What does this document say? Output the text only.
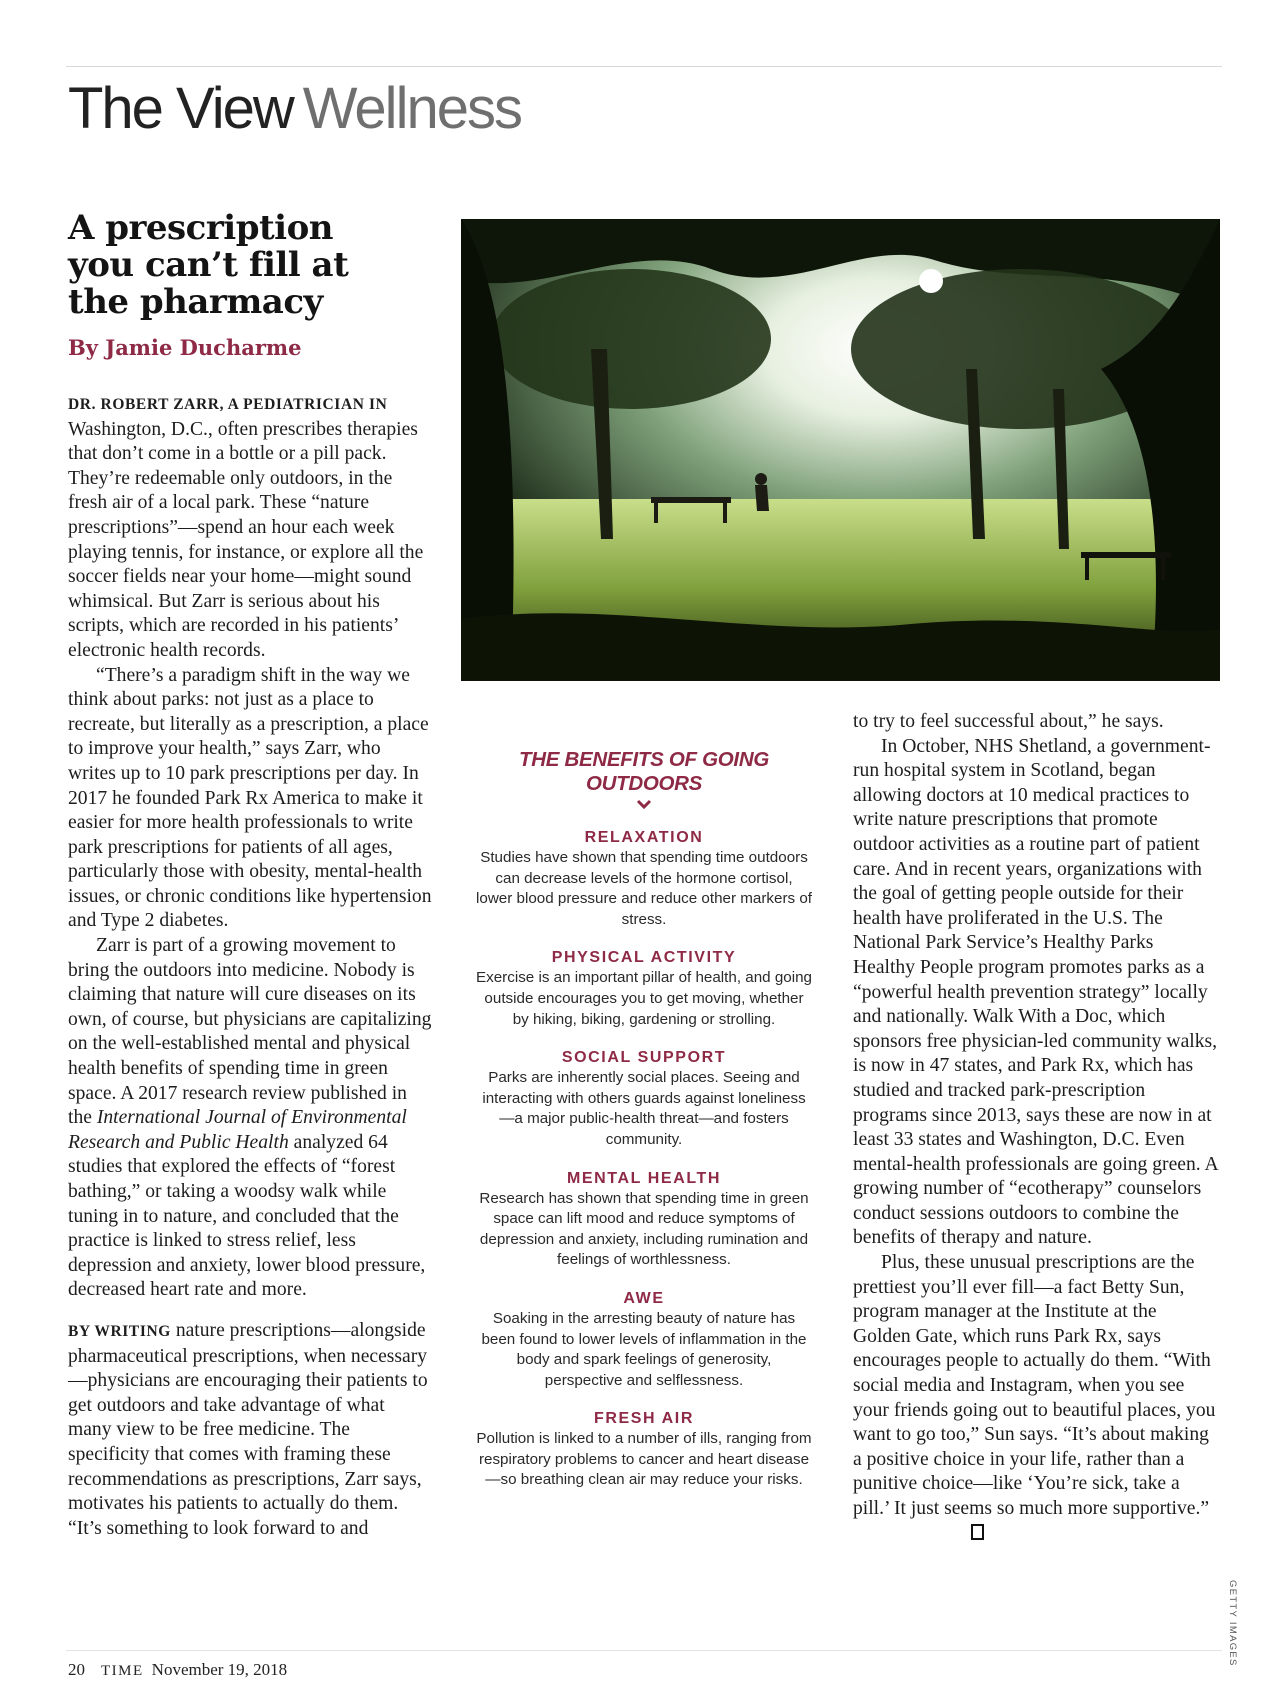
The View Wellness
A prescription you can’t fill at the pharmacy
By Jamie Ducharme

DR. ROBERT ZARR, A PEDIATRICIAN IN Washington, D.C., often prescribes therapies that don’t come in a bottle or a pill pack. They’re redeemable only outdoors, in the fresh air of a local park. These “nature prescriptions”—spend an hour each week playing tennis, for instance, or explore all the soccer fields near your home—might sound whimsical. But Zarr is serious about his scripts, which are recorded in his patients’ electronic health records.

“There’s a paradigm shift in the way we think about parks: not just as a place to recreate, but literally as a prescription, a place to improve your health,” says Zarr, who writes up to 10 park prescriptions per day. In 2017 he founded Park Rx America to make it easier for more health professionals to write park prescriptions for patients of all ages, particularly those with obesity, mental-health issues, or chronic conditions like hypertension and Type 2 diabetes.

Zarr is part of a growing movement to bring the outdoors into medicine. Nobody is claiming that nature will cure diseases on its own, of course, but physicians are capitalizing on the well-established mental and physical health benefits of spending time in green space. A 2017 research review published in the International Journal of Environmental Research and Public Health analyzed 64 studies that explored the effects of “forest bathing,” or taking a woodsy walk while tuning in to nature, and concluded that the practice is linked to stress relief, less depression and anxiety, lower blood pressure, decreased heart rate and more.

BY WRITING nature prescriptions—alongside pharmaceutical prescriptions, when necessary—physicians are encouraging their patients to get outdoors and take advantage of what many view to be free medicine. The specificity that comes with framing these recommendations as prescriptions, Zarr says, motivates his patients to actually do them. “It’s something to look forward to and

THE BENEFITS OF GOING OUTDOORS
RELAXATION
Studies have shown that spending time outdoors can decrease levels of the hormone cortisol, lower blood pressure and reduce other markers of stress.
PHYSICAL ACTIVITY
Exercise is an important pillar of health, and going outside encourages you to get moving, whether by hiking, biking, gardening or strolling.
SOCIAL SUPPORT
Parks are inherently social places. Seeing and interacting with others guards against loneliness—a major public-health threat—and fosters community.
MENTAL HEALTH
Research has shown that spending time in green space can lift mood and reduce symptoms of depression and anxiety, including rumination and feelings of worthlessness.
AWE
Soaking in the arresting beauty of nature has been found to lower levels of inflammation in the body and spark feelings of generosity, perspective and selflessness.
FRESH AIR
Pollution is linked to a number of ills, ranging from respiratory problems to cancer and heart disease—so breathing clean air may reduce your risks.

to try to feel successful about,” he says.

In October, NHS Shetland, a government-run hospital system in Scotland, began allowing doctors at 10 medical practices to write nature prescriptions that promote outdoor activities as a routine part of patient care. And in recent years, organizations with the goal of getting people outside for their health have proliferated in the U.S. The National Park Service’s Healthy Parks Healthy People program promotes parks as a “powerful health prevention strategy” locally and nationally. Walk With a Doc, which sponsors free physician-led community walks, is now in 47 states, and Park Rx, which has studied and tracked park-prescription programs since 2013, says these are now in at least 33 states and Washington, D.C. Even mental-health professionals are going green. A growing number of “ecotherapy” counselors conduct sessions outdoors to combine the benefits of therapy and nature.

Plus, these unusual prescriptions are the prettiest you’ll ever fill—a fact Betty Sun, program manager at the Institute at the Golden Gate, which runs Park Rx, says encourages people to actually do them. “With social media and Instagram, when you see your friends going out to beautiful places, you want to go too,” Sun says. “It’s about making a positive choice in your life, rather than a punitive choice—like ‘You’re sick, take a pill.’ It just seems so much more supportive.”

GETTY IMAGES
20 TIME November 19, 2018
